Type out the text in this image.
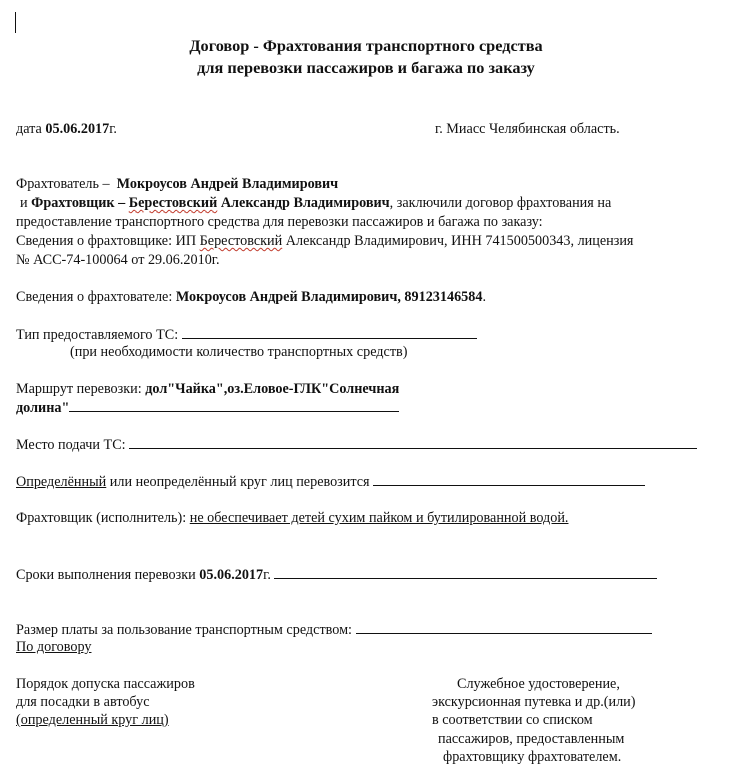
Договор - Фрахтования транспортного средства
для перевозки пассажиров и багажа по заказу
дата 05.06.2017г.	г. Миасс Челябинская область.
Фрахтователь – Мокроусов Андрей Владимирович
и Фрахтовщик – Берестовский Александр Владимирович, заключили договор фрахтования на
предоставление транспортного средства для перевозки пассажиров и багажа по заказу:
Сведения о фрахтовщике: ИП Берестовский Александр Владимирович, ИНН 741500500343, лицензия
№ АСС-74-100064 от 29.06.2010г.
Сведения о фрахтователе: Мокроусов Андрей Владимирович, 89123146584.
Тип предоставляемого ТС:
(при необходимости количество транспортных средств)
Маршрут перевозки: дол"Чайка",оз.Еловое-ГЛК"Солнечная
долина"
Место подачи ТС:
Определённый или неопределённый круг лиц перевозится
Фрахтовщик (исполнитель): не обеспечивает детей сухим пайком и бутилированной водой.
Сроки выполнения перевозки 05.06.2017г.
Размер платы за пользование транспортным средством:
По договору
Порядок допуска пассажиров
для посадки в автобус
(определенный круг лиц)
Служебное удостоверение,
экскурсионная путевка и др.(или)
в соответствии со списком
пассажиров, предоставленным
фрахтовщику фрахтователем.
